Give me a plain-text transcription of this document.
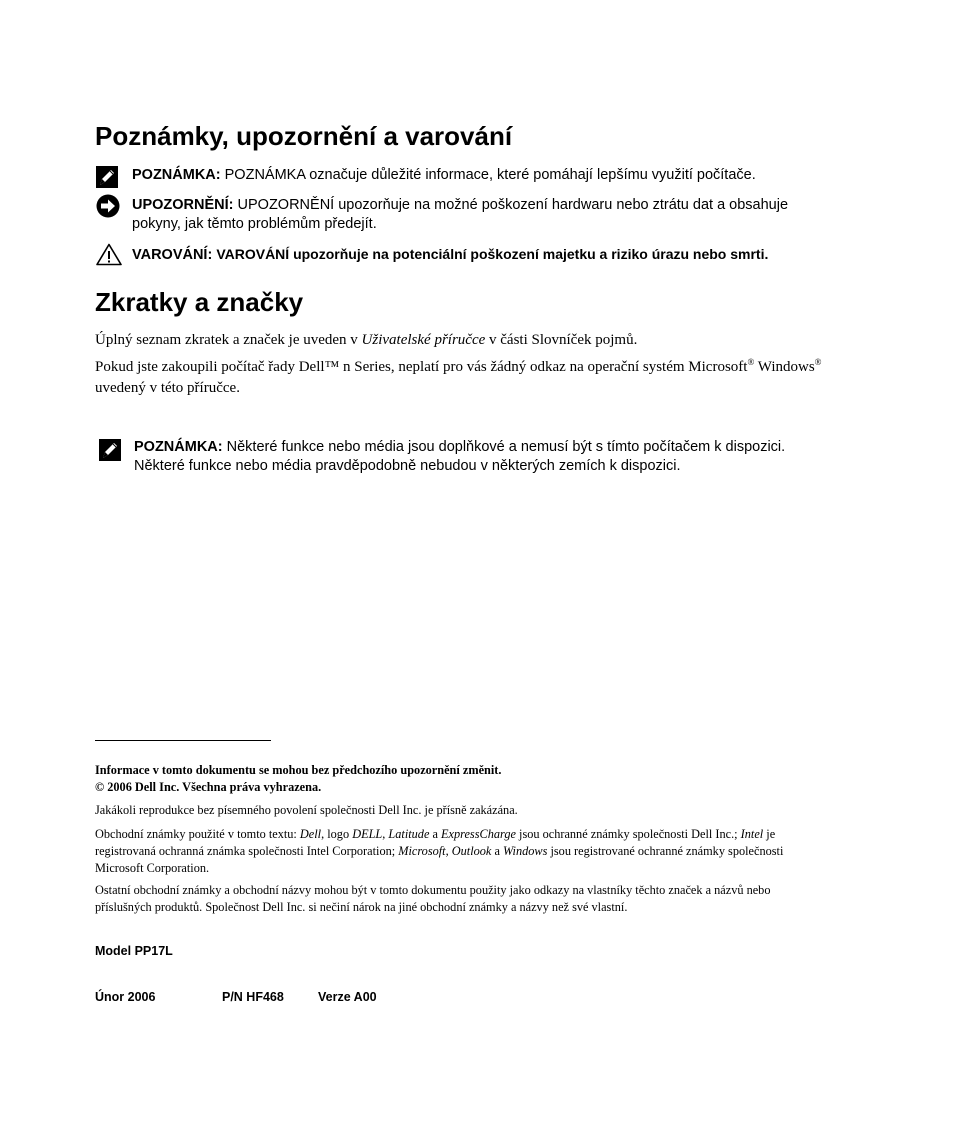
Poznámky, upozornění a varování
POZNÁMKA: POZNÁMKA označuje důležité informace, které pomáhají lepšímu využití počítače.
UPOZORNĚNÍ: UPOZORNĚNÍ upozorňuje na možné poškození hardwaru nebo ztrátu dat a obsahuje
pokyny, jak těmto problémům předejít.
VAROVÁNÍ: VAROVÁNÍ upozorňuje na potenciální poškození majetku a riziko úrazu nebo smrti.
Zkratky a značky
Úplný seznam zkratek a značek je uveden v Uživatelské příručce v části Slovníček pojmů.
Pokud jste zakoupili počítač řady Dell™ n Series, neplatí pro vás žádný odkaz na operační systém Microsoft® Windows®
uvedený v této příručce.
POZNÁMKA: Některé funkce nebo média jsou doplňkové a nemusí být s tímto počítačem k dispozici.
Některé funkce nebo média pravděpodobně nebudou v některých zemích k dispozici.
Informace v tomto dokumentu se mohou bez předchozího upozornění změnit.
© 2006 Dell Inc. Všechna práva vyhrazena.
Jakákoli reprodukce bez písemného povolení společnosti Dell Inc. je přísně zakázána.
Obchodní známky použité v tomto textu: Dell, logo DELL, Latitude a ExpressCharge jsou ochranné známky společnosti Dell Inc.; Intel je
registrovaná ochranná známka společnosti Intel Corporation; Microsoft, Outlook a Windows jsou registrované ochranné známky společnosti
Microsoft Corporation.
Ostatní obchodní známky a obchodní názvy mohou být v tomto dokumentu použity jako odkazy na vlastníky těchto značek a názvů nebo
příslušných produktů. Společnost Dell Inc. si nečiní nárok na jiné obchodní známky a názvy než své vlastní.
Model PP17L
Únor 2006	P/N HF468	Verze A00
